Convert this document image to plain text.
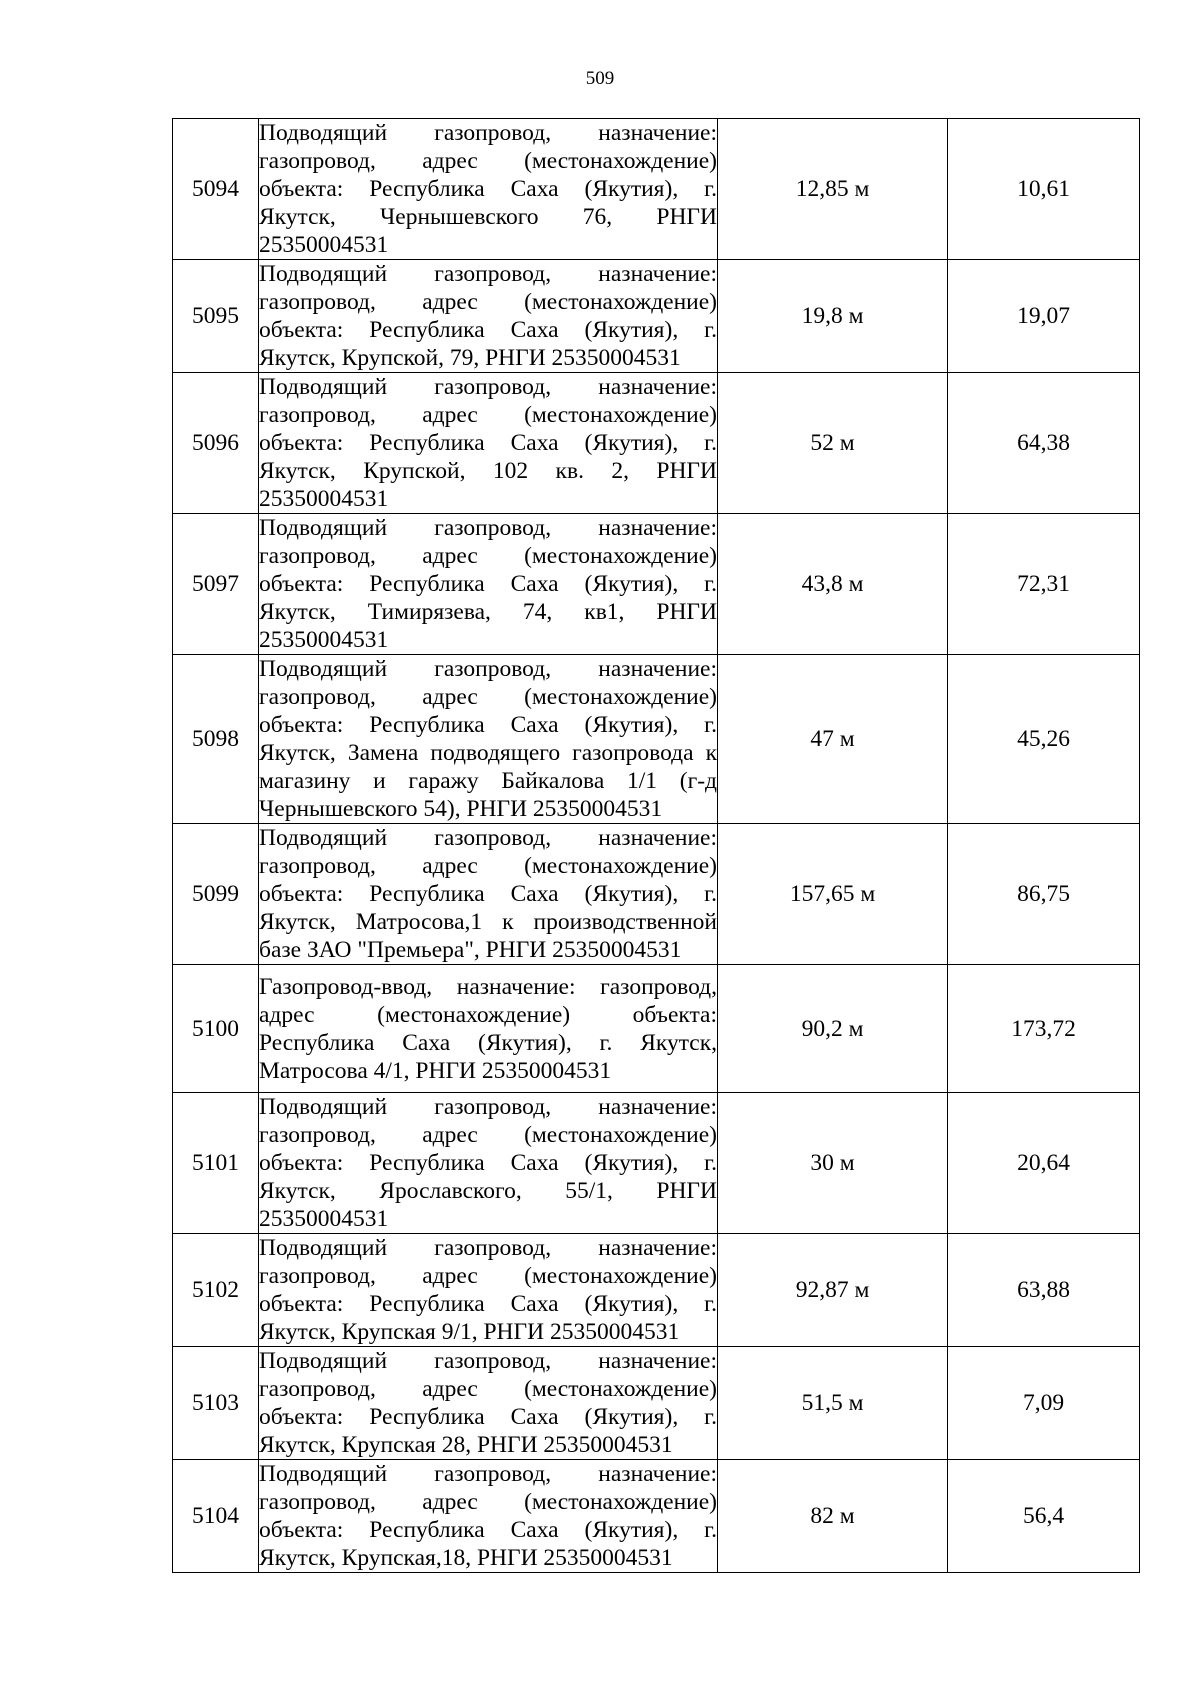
509
5094	Подводящий газопровод, назначение: газопровод, адрес (местонахождение) объекта: Республика Саха (Якутия), г. Якутск, Чернышевского 76, РНГИ 25350004531	12,85 м	10,61
5095	Подводящий газопровод, назначение: газопровод, адрес (местонахождение) объекта: Республика Саха (Якутия), г. Якутск, Крупской, 79, РНГИ 25350004531	19,8 м	19,07
5096	Подводящий газопровод, назначение: газопровод, адрес (местонахождение) объекта: Республика Саха (Якутия), г. Якутск, Крупской, 102 кв. 2, РНГИ 25350004531	52 м	64,38
5097	Подводящий газопровод, назначение: газопровод, адрес (местонахождение) объекта: Республика Саха (Якутия), г. Якутск, Тимирязева, 74, кв1, РНГИ 25350004531	43,8 м	72,31
5098	Подводящий газопровод, назначение: газопровод, адрес (местонахождение) объекта: Республика Саха (Якутия), г. Якутск, Замена подводящего газопровода к магазину и гаражу Байкалова 1/1 (г-д Чернышевского 54), РНГИ 25350004531	47 м	45,26
5099	Подводящий газопровод, назначение: газопровод, адрес (местонахождение) объекта: Республика Саха (Якутия), г. Якутск, Матросова,1 к производственной базе ЗАО "Премьера", РНГИ 25350004531	157,65 м	86,75
5100	Газопровод-ввод, назначение: газопровод, адрес (местонахождение) объекта: Республика Саха (Якутия), г. Якутск, Матросова 4/1, РНГИ 25350004531	90,2 м	173,72
5101	Подводящий газопровод, назначение: газопровод, адрес (местонахождение) объекта: Республика Саха (Якутия), г. Якутск, Ярославского, 55/1, РНГИ 25350004531	30 м	20,64
5102	Подводящий газопровод, назначение: газопровод, адрес (местонахождение) объекта: Республика Саха (Якутия), г. Якутск, Крупская 9/1, РНГИ 25350004531	92,87 м	63,88
5103	Подводящий газопровод, назначение: газопровод, адрес (местонахождение) объекта: Республика Саха (Якутия), г. Якутск, Крупская 28, РНГИ 25350004531	51,5 м	7,09
5104	Подводящий газопровод, назначение: газопровод, адрес (местонахождение) объекта: Республика Саха (Якутия), г. Якутск, Крупская,18, РНГИ 25350004531	82 м	56,4
